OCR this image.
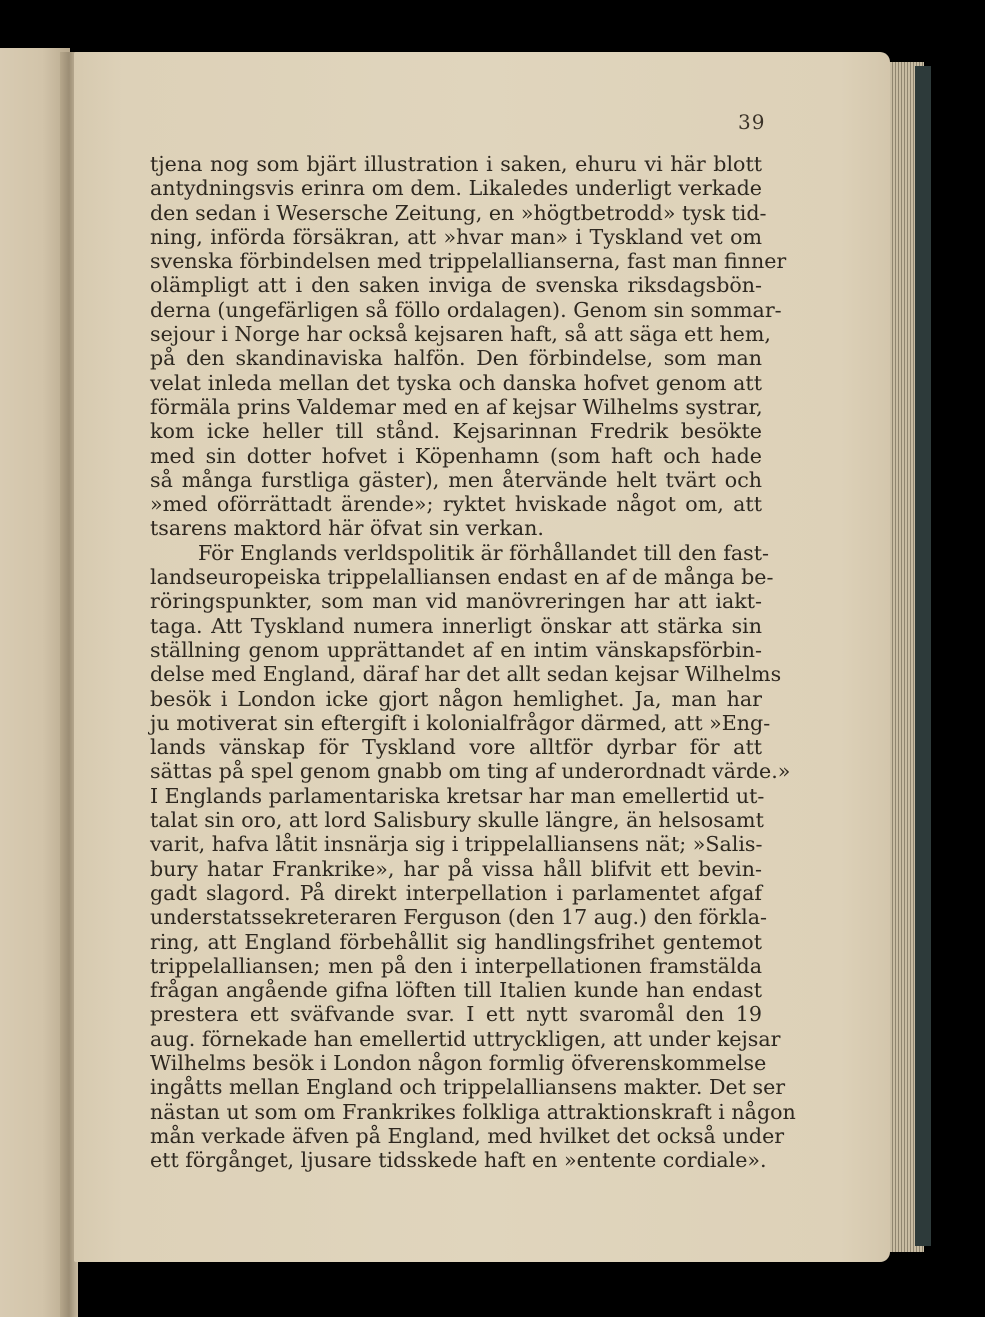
39
tjena nog som bjärt illustration i saken, ehuru vi här blott
antydningsvis erinra om dem. Likaledes underligt verkade
den sedan i Wesersche Zeitung, en »högtbetrodd» tysk tid-
ning, införda försäkran, att »hvar man» i Tyskland vet om
svenska förbindelsen med trippelallianserna, fast man finner
olämpligt att i den saken inviga de svenska riksdagsbön-
derna (ungefärligen så föllo ordalagen). Genom sin sommar-
sejour i Norge har också kejsaren haft, så att säga ett hem,
på den skandinaviska halfön. Den förbindelse, som man
velat inleda mellan det tyska och danska hofvet genom att
förmäla prins Valdemar med en af kejsar Wilhelms systrar,
kom icke heller till stånd. Kejsarinnan Fredrik besökte
med sin dotter hofvet i Köpenhamn (som haft och hade
så många furstliga gäster), men återvände helt tvärt och
»med oförrättadt ärende»; ryktet hviskade något om, att
tsarens maktord här öfvat sin verkan.
För Englands verldspolitik är förhållandet till den fast-
landseuropeiska trippelalliansen endast en af de många be-
röringspunkter, som man vid manövreringen har att iakt-
taga. Att Tyskland numera innerligt önskar att stärka sin
ställning genom upprättandet af en intim vänskapsförbin-
delse med England, däraf har det allt sedan kejsar Wilhelms
besök i London icke gjort någon hemlighet. Ja, man har
ju motiverat sin eftergift i kolonialfrågor därmed, att »Eng-
lands vänskap för Tyskland vore alltför dyrbar för att
sättas på spel genom gnabb om ting af underordnadt värde.»
I Englands parlamentariska kretsar har man emellertid ut-
talat sin oro, att lord Salisbury skulle längre, än helsosamt
varit, hafva låtit insnärja sig i trippelalliansens nät; »Salis-
bury hatar Frankrike», har på vissa håll blifvit ett bevin-
gadt slagord. På direkt interpellation i parlamentet afgaf
understatssekreteraren Ferguson (den 17 aug.) den förkla-
ring, att England förbehållit sig handlingsfrihet gentemot
trippelalliansen; men på den i interpellationen framstälda
frågan angående gifna löften till Italien kunde han endast
prestera ett sväfvande svar. I ett nytt svaromål den 19
aug. förnekade han emellertid uttryckligen, att under kejsar
Wilhelms besök i London någon formlig öfverenskommelse
ingåtts mellan England och trippelalliansens makter. Det ser
nästan ut som om Frankrikes folkliga attraktionskraft i någon
mån verkade äfven på England, med hvilket det också under
ett förgånget, ljusare tidsskede haft en »entente cordiale».
